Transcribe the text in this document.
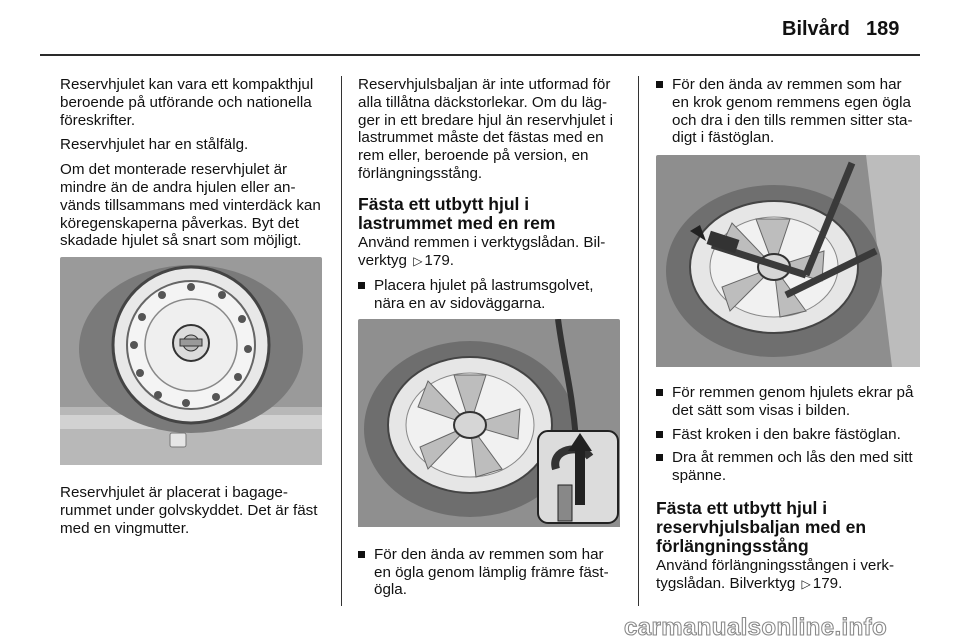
Bilvård 189

Reservhjulet kan vara ett kompakthjul beroende på utförande och nationella föreskrifter.

Reservhjulet har en stålfälg.

Om det monterade reservhjulet är mindre än de andra hjulen eller används tillsammans med vinterdäck kan köregenskaperna påverkas. Byt det skadade hjulet så snart som möjligt.

Reservhjulet är placerat i bagagerummet under golvskyddet. Det är fäst med en vingmutter.

Reservhjulsbaljan är inte utformad för alla tillåtna däckstorlekar. Om du lägger in ett bredare hjul än reservhjulet i lastrummet måste det fästas med en rem eller, beroende på version, en förlängningsstång.

Fästa ett utbytt hjul i lastrummet med en rem

Använd remmen i verktygslådan. Bilverktyg ▷ 179.

Placera hjulet på lastrumsgolvet, nära en av sidoväggarna.
För den ända av remmen som har en ögla genom lämplig främre fästögla.
För den ända av remmen som har en krok genom remmens egen ögla och dra i den tills remmen sitter stadigt i fästöglan.
För remmen genom hjulets ekrar på det sätt som visas i bilden.
Fäst kroken i den bakre fästöglan.
Dra åt remmen och lås den med sitt spänne.
Fästa ett utbytt hjul i reservhjulsbaljan med en förlängningsstång

Använd förlängningsstången i verktygslådan. Bilverktyg ▷ 179.

carmanualsonline.info
